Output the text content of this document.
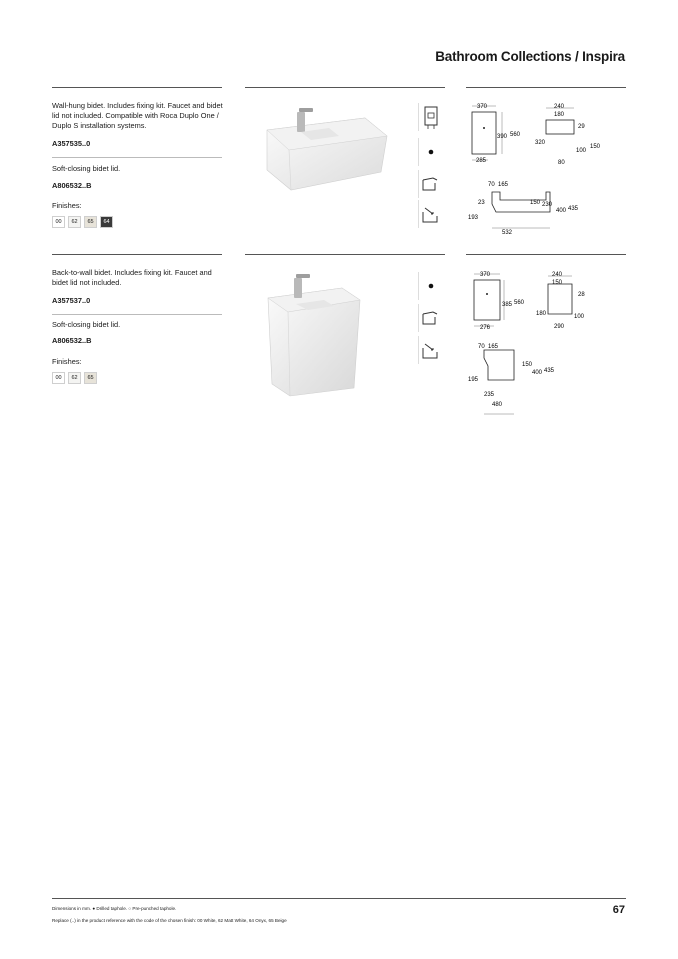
Bathroom Collections / Inspira
Wall-hung bidet. Includes fixing kit. Faucet and bidet lid not included. Compatible with Roca Duplo One / Duplo S installation systems.
A357535..0
Soft-closing bidet lid.
A806532..B
Finishes:
00	62	65	64
370
390 560
285
240
180
29
320
100
150
80
70 165
23	150 230
400 435
193
532
Back-to-wall bidet. Includes fixing kit. Faucet and bidet lid not included.
A357537..0
Soft-closing bidet lid.
A806532..B
Finishes:
00	62	65
370
385 560
276
240
150
28
180	100
290
70 165
150
400 435
195
235
480
Dimensions in mm. ● Drilled taphole. ○ Pre-punched taphole.
Replace (..) in the product reference with the code of the chosen finish: 00 White, 62 Matt White, 64 Onyx, 65 Beige
67
